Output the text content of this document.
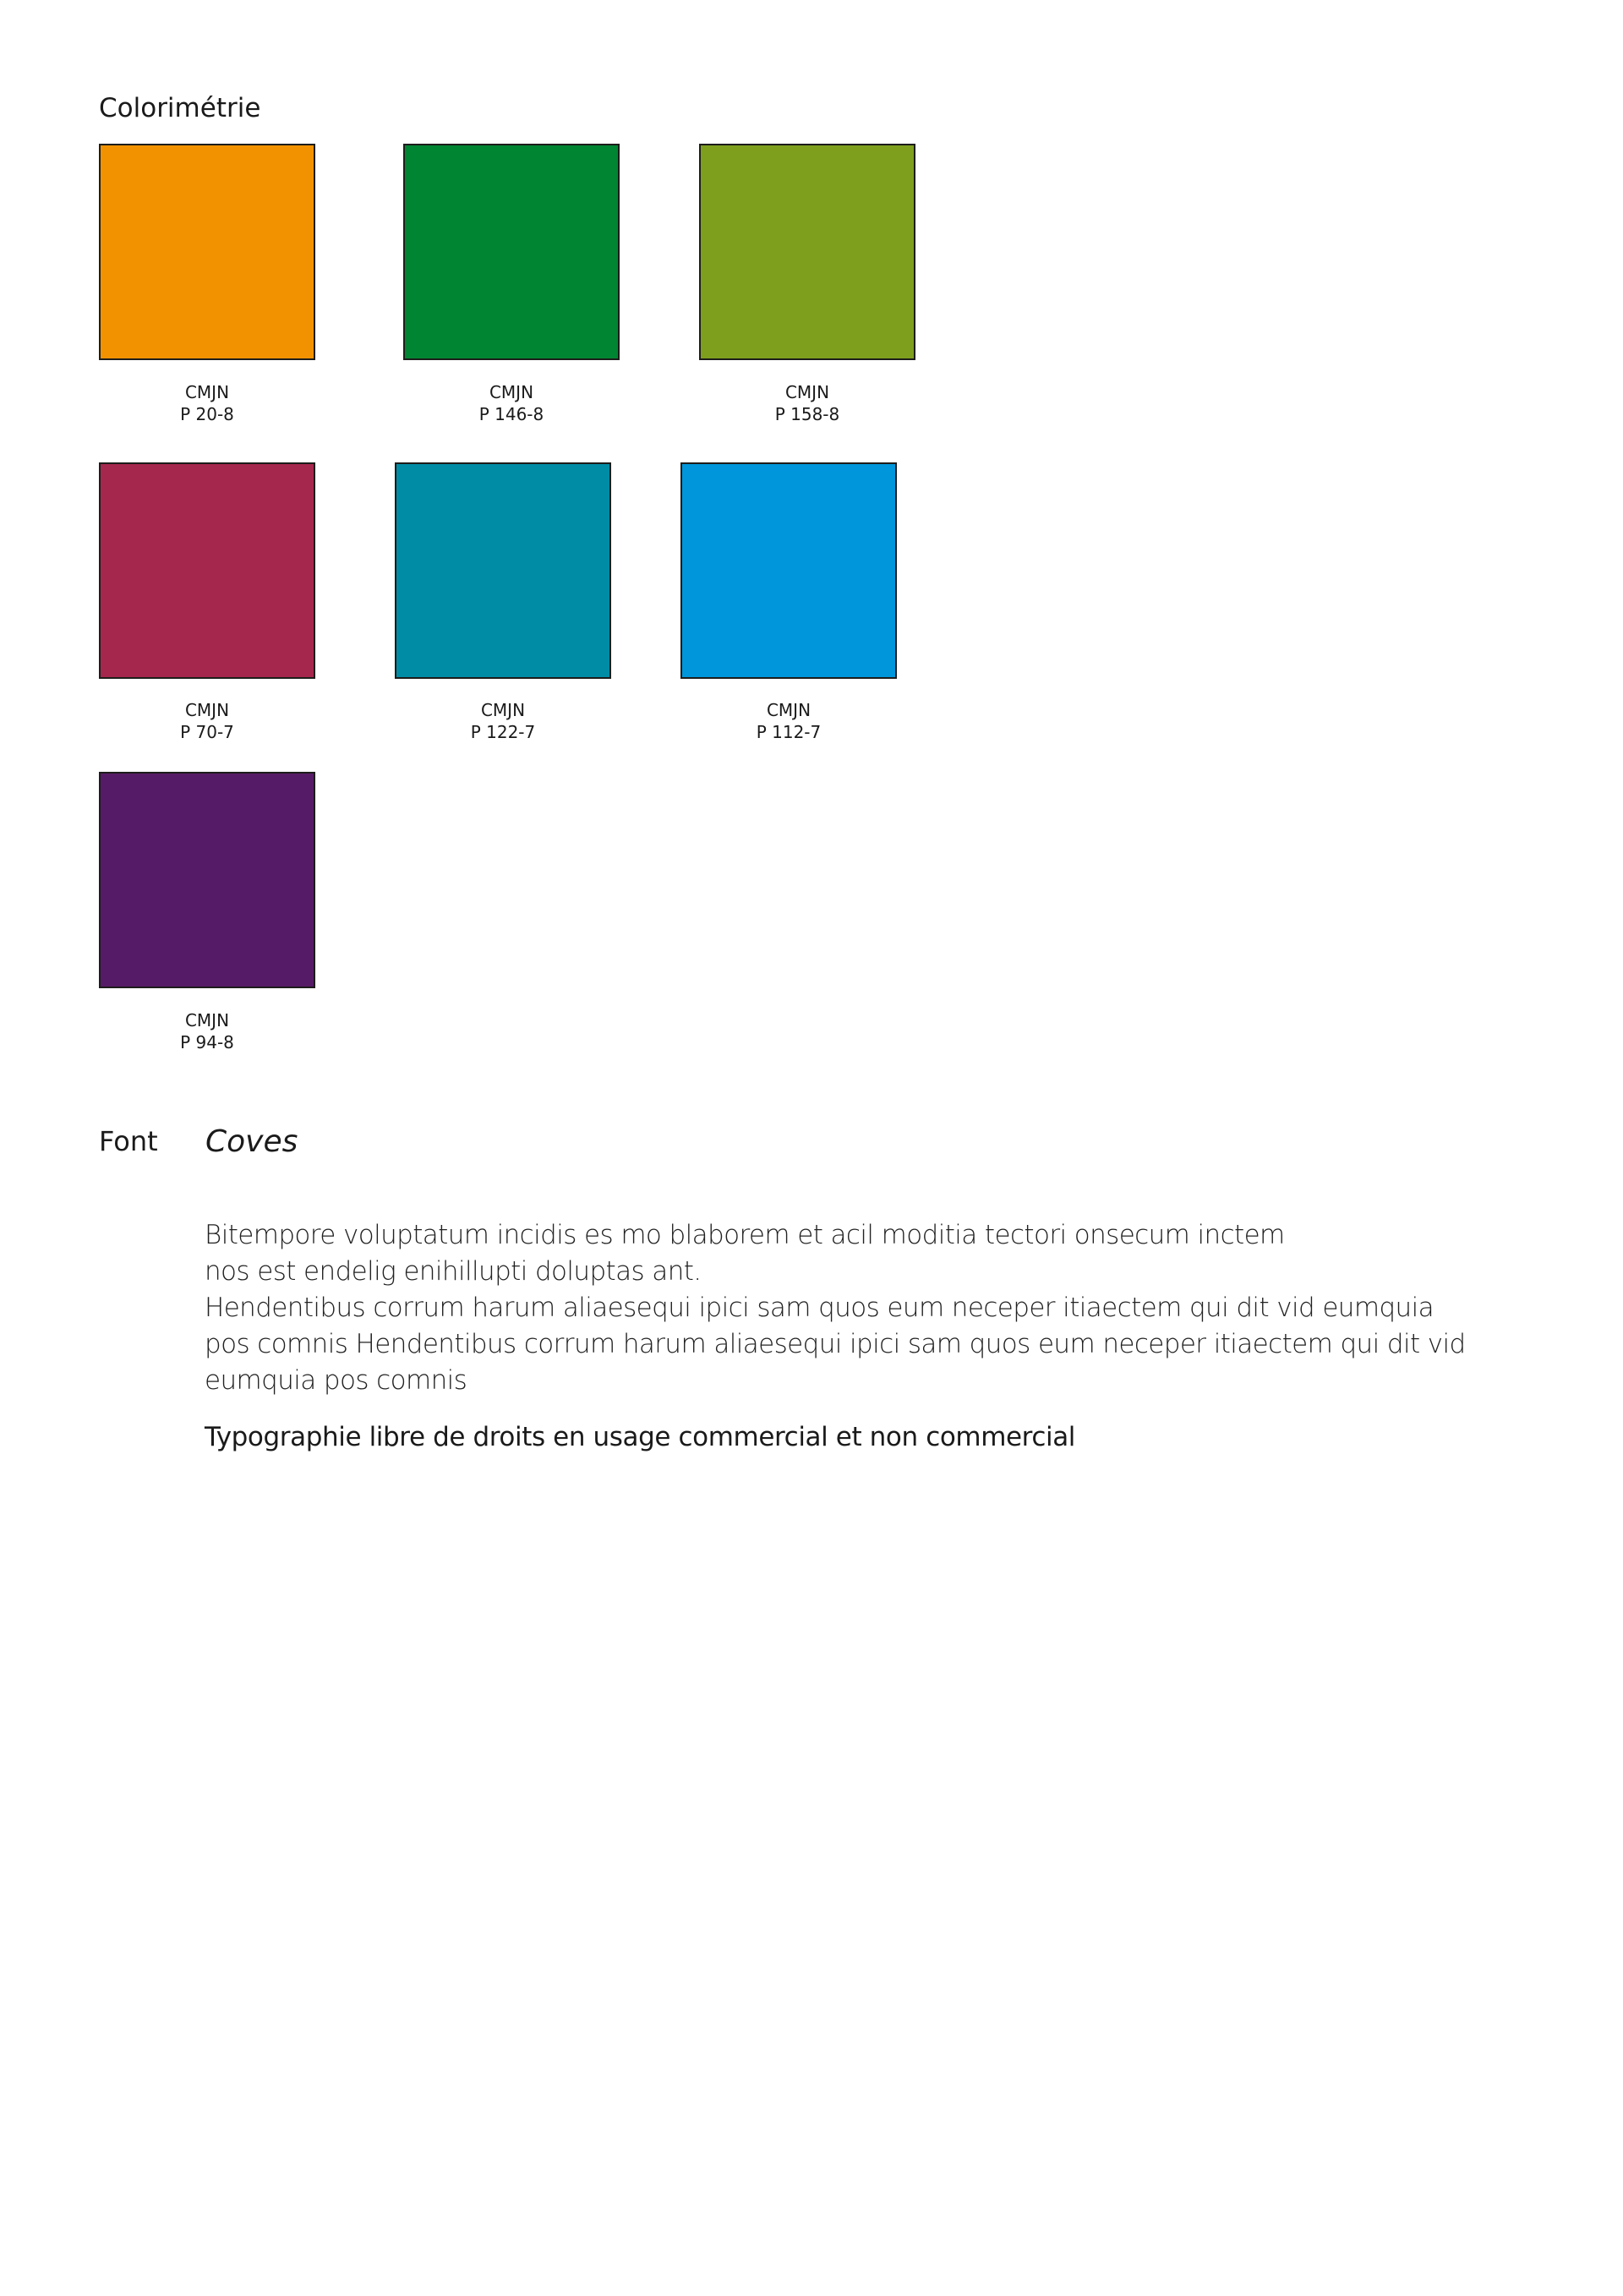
Colorimétrie
CMJN
P 20-8
CMJN
P 146-8
CMJN
P 158-8
CMJN
P 70-7
CMJN
P 122-7
CMJN
P 112-7
CMJN
P 94-8
Font Coves
Bitempore voluptatum incidis es mo blaborem et acil moditia tectori onsecum inctem
nos est endelig enihillupti doluptas ant.
Hendentibus corrum harum aliaesequi ipici sam quos eum neceper itiaectem qui dit vid eumquia
pos comnis Hendentibus corrum harum aliaesequi ipici sam quos eum neceper itiaectem qui dit vid
eumquia pos comnis
Typographie libre de droits en usage commercial et non commercial
